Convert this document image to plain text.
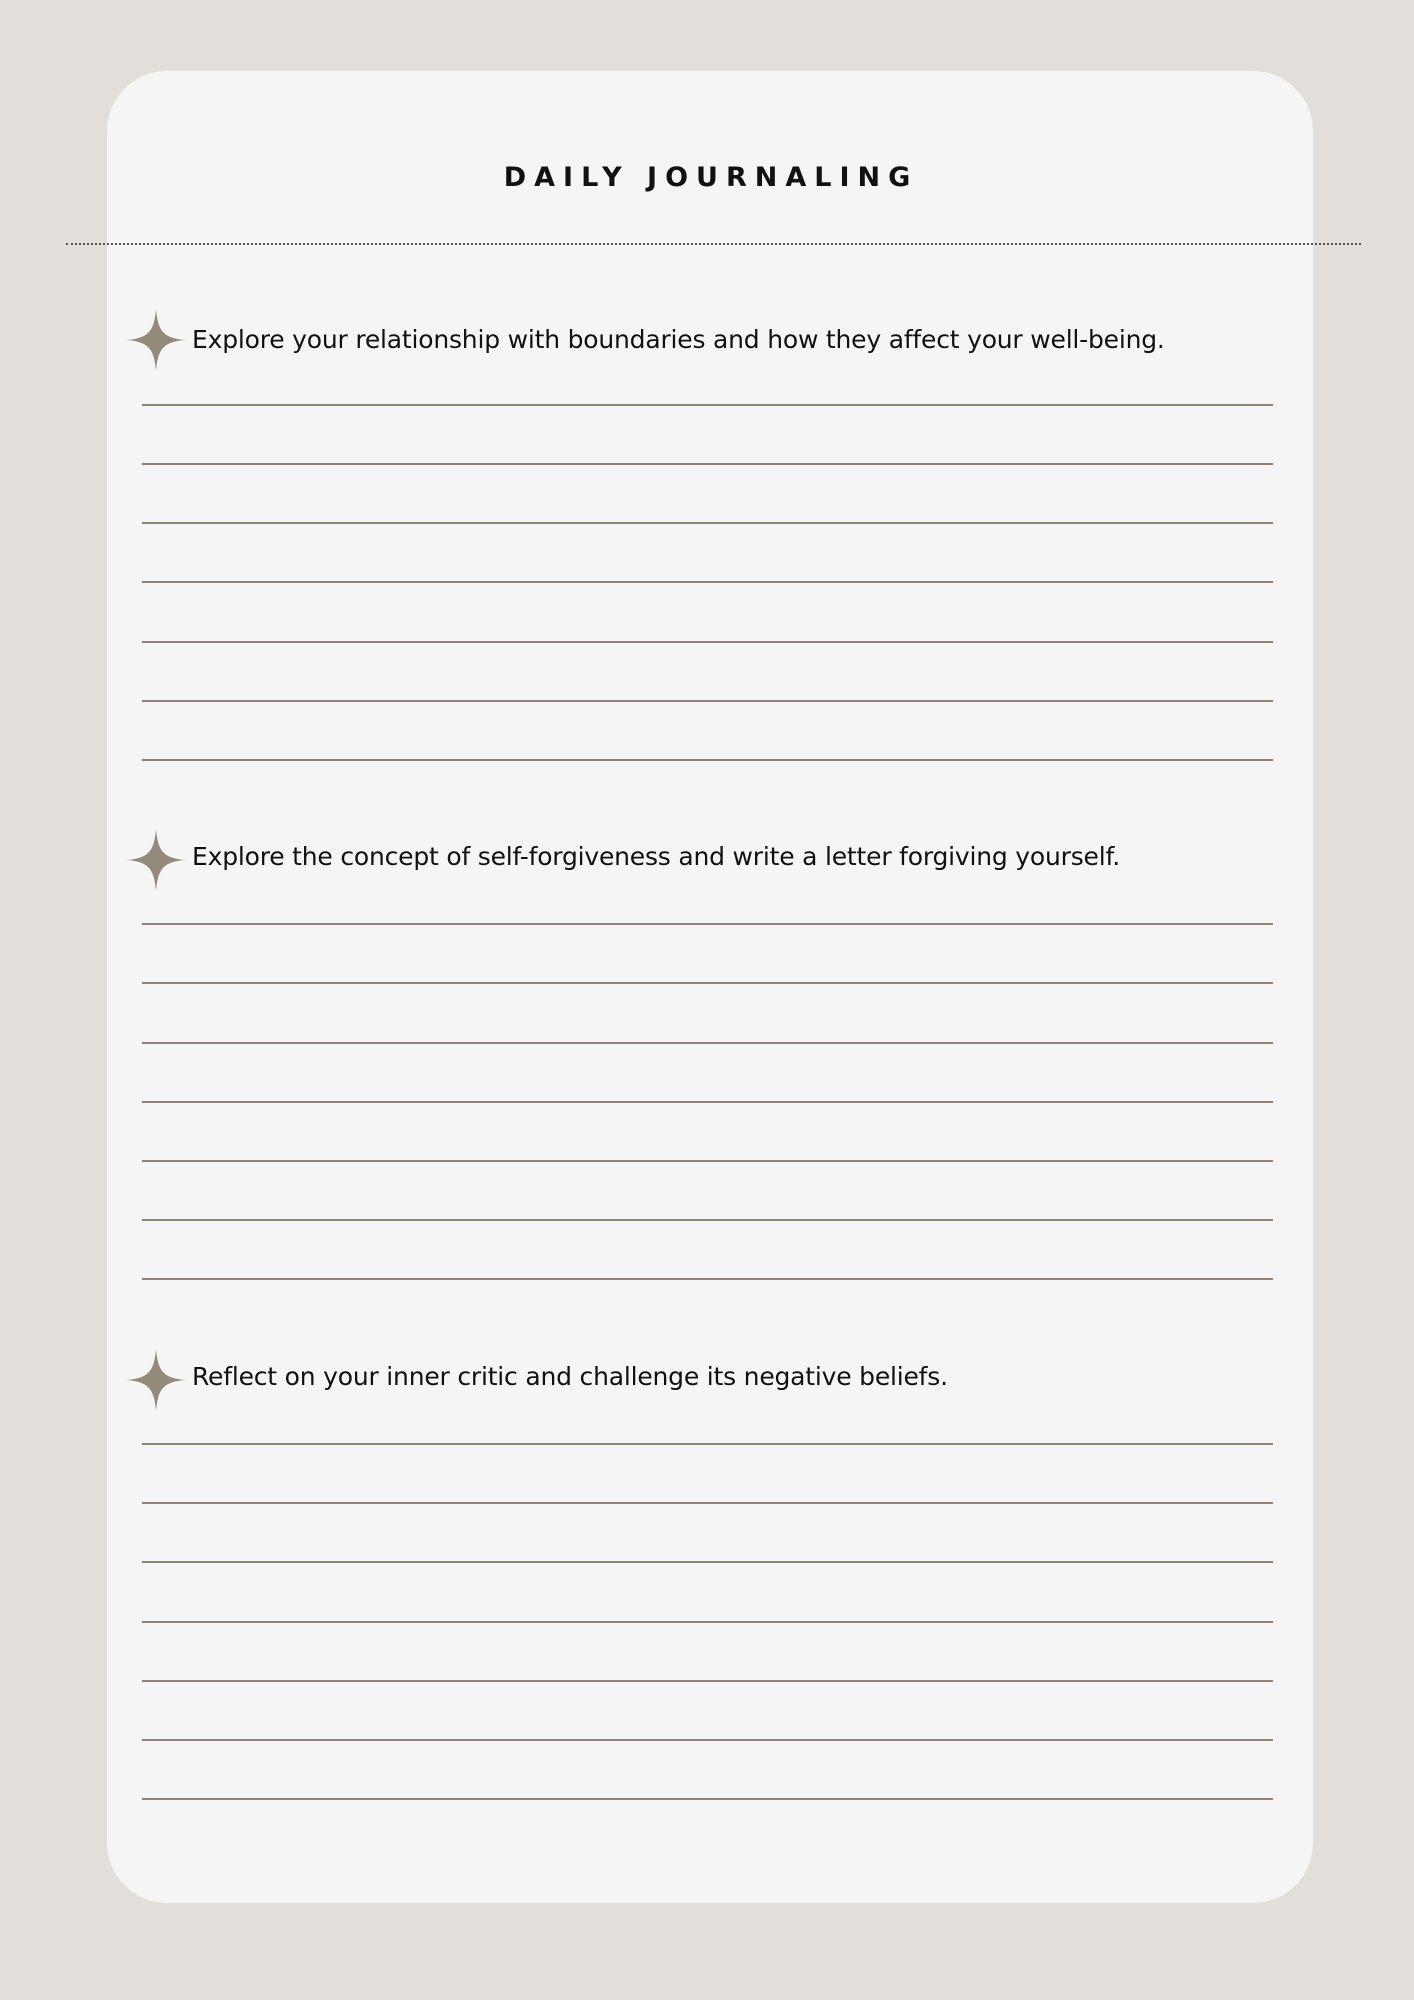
DAILY JOURNALING
Explore your relationship with boundaries and how they affect your well-being.
Explore the concept of self-forgiveness and write a letter forgiving yourself.
Reflect on your inner critic and challenge its negative beliefs.
